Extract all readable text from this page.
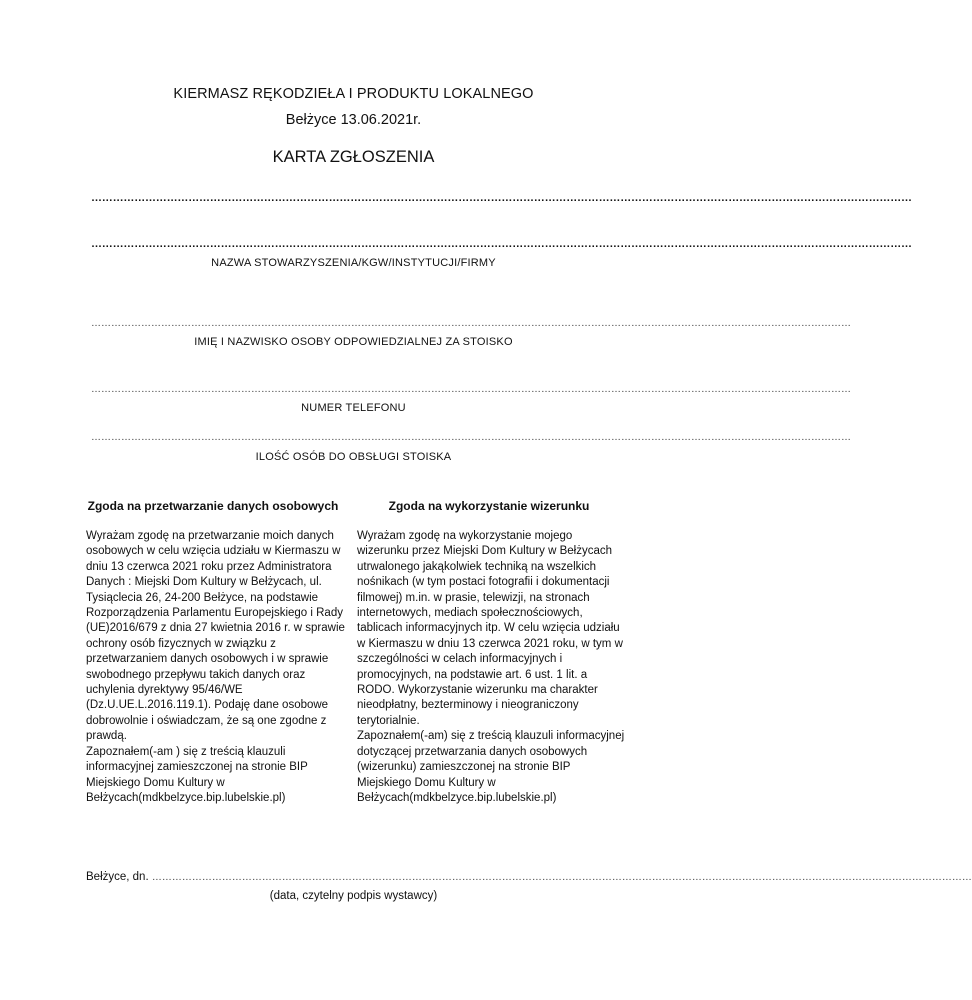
KIERMASZ RĘKODZIEŁA I PRODUKTU LOKALNEGO
Bełżyce 13.06.2021r.
KARTA ZGŁOSZENIA
…………………………………………………………………………………………………………………………………………………………………………………………………………
…………………………………………………………………………………………………………………………………………………………………………………………………………
NAZWA STOWARZYSZENIA/KGW/INSTYTUCJI/FIRMY
…………………………………………………………………………………………………………………………………………………………………………………………………………
IMIĘ I NAZWISKO OSOBY ODPOWIEDZIALNEJ ZA STOISKO
…………………………………………………………………………………………………………………………………………………………………………………………………………
NUMER TELEFONU
…………………………………………………………………………………………………………………………………………………………………………………………………………
ILOŚĆ OSÓB DO OBSŁUGI STOISKA
Zgoda na przetwarzanie danych osobowych

Wyrażam zgodę na przetwarzanie moich danych osobowych w celu wzięcia udziału w Kiermaszu w dniu 13 czerwca 2021 roku przez Administratora Danych : Miejski Dom Kultury w Bełżycach, ul. Tysiąclecia 26, 24-200 Bełżyce, na podstawie Rozporządzenia Parlamentu Europejskiego i Rady (UE)2016/679 z dnia 27 kwietnia 2016 r. w sprawie ochrony osób fizycznych w związku z przetwarzaniem danych osobowych i w sprawie swobodnego przepływu takich danych oraz uchylenia dyrektywy 95/46/WE (Dz.U.UE.L.2016.119.1). Podaję dane osobowe dobrowolnie i oświadczam, że są one zgodne z prawdą.

Zapoznałem(-am ) się z treścią klauzuli informacyjnej zamieszczonej na stronie BIP Miejskiego Domu Kultury w Bełżycach(mdkbelzyce.bip.lubelskie.pl)

Zgoda na wykorzystanie wizerunku

Wyrażam zgodę na wykorzystanie mojego wizerunku przez Miejski Dom Kultury w Bełżycach utrwalonego jakąkolwiek techniką na wszelkich nośnikach (w tym postaci fotografii i dokumentacji filmowej) m.in. w prasie, telewizji, na stronach internetowych, mediach społecznościowych, tablicach informacyjnych itp. W celu wzięcia udziału w Kiermaszu w dniu 13 czerwca 2021 roku, w tym w szczególności w celach informacyjnych i promocyjnych, na podstawie art. 6 ust. 1 lit. a RODO. Wykorzystanie wizerunku ma charakter nieodpłatny, bezterminowy i nieograniczony terytorialnie.

Zapoznałem(-am) się z treścią klauzuli informacyjnej dotyczącej przetwarzania danych osobowych (wizerunku) zamieszczonej na stronie BIP Miejskiego Domu Kultury w Bełżycach(mdkbelzyce.bip.lubelskie.pl)

Bełżyce, dn. …………………………………………………………………………………………………………………………………………………………………………………………………………………………
(data, czytelny podpis wystawcy)
